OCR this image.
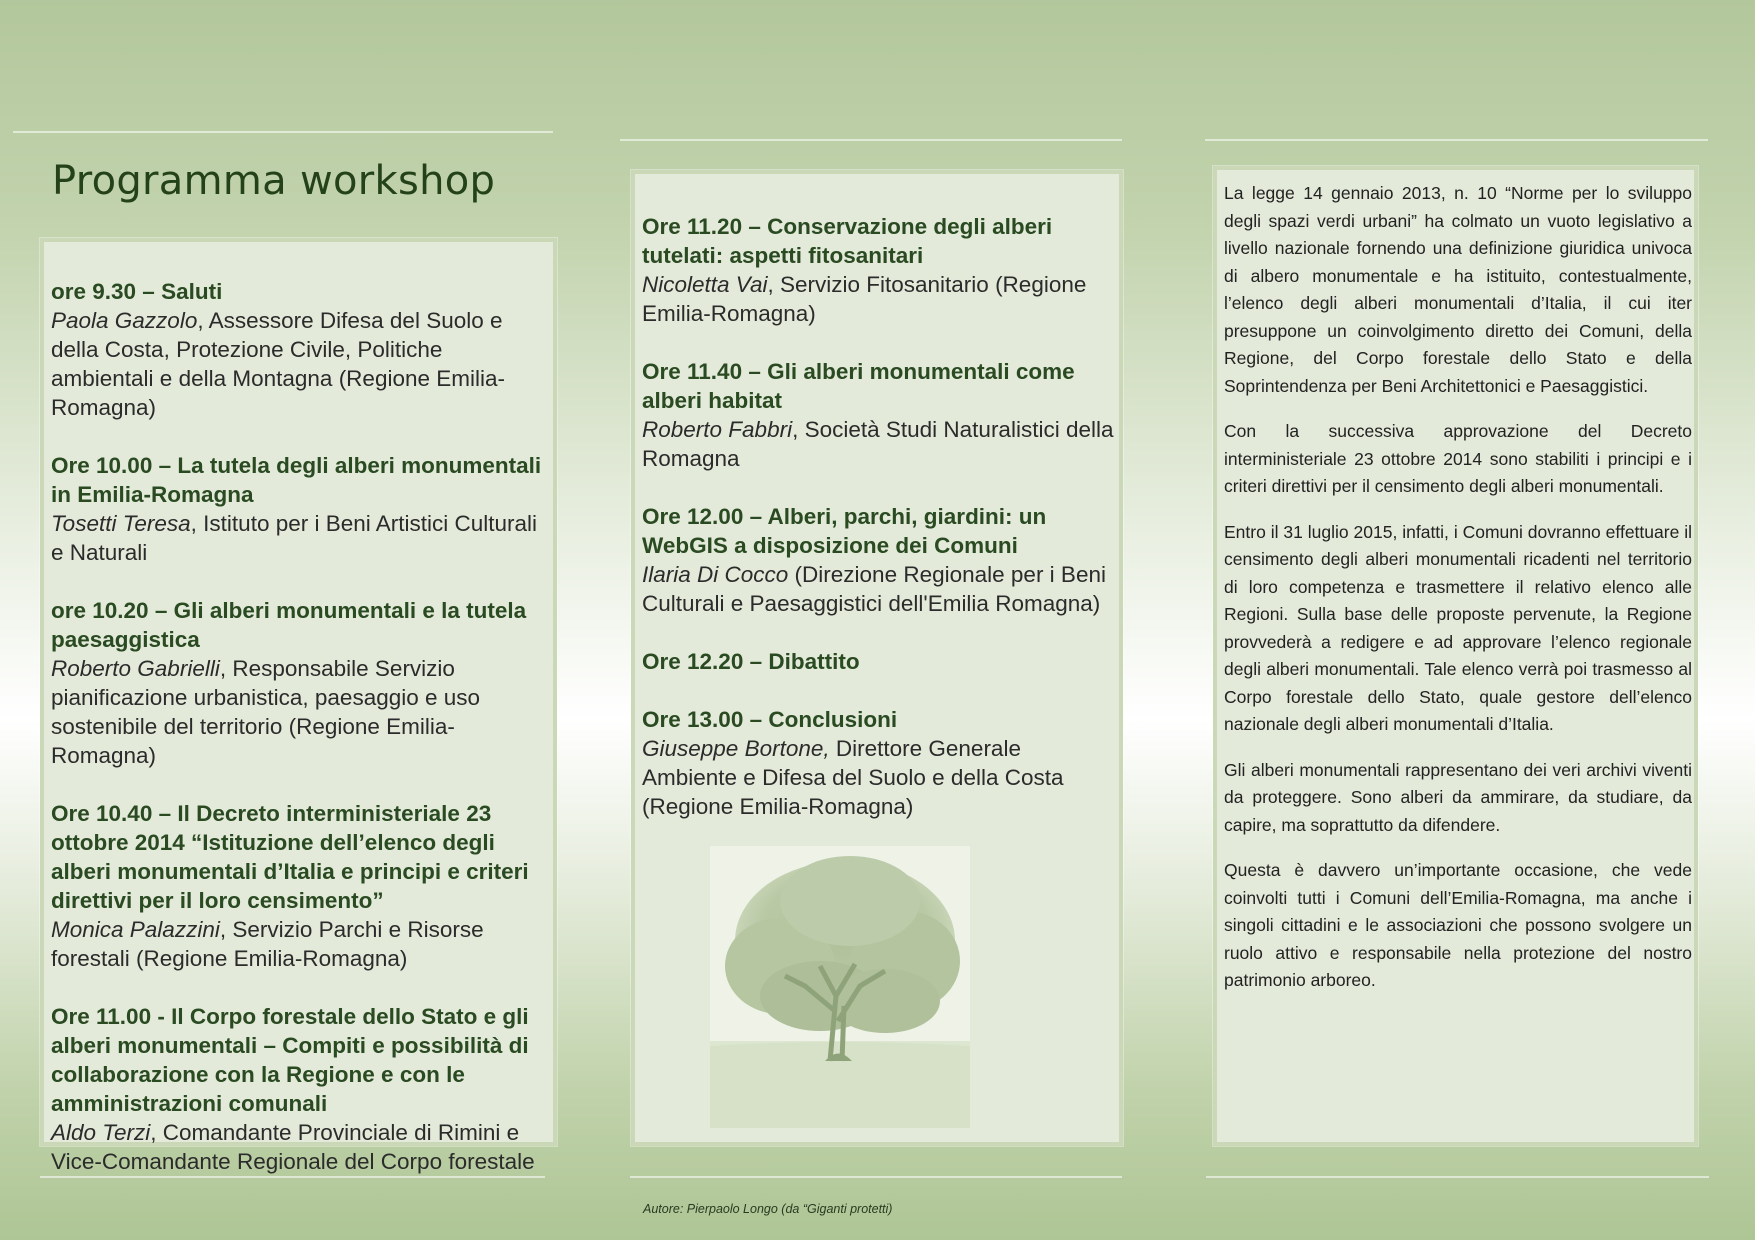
Programma workshop
ore 9.30 – Saluti
Paola Gazzolo, Assessore Difesa del Suolo e della Costa, Protezione Civile, Politiche ambientali e della Montagna (Regione Emilia-Romagna)
Ore 10.00 – La tutela degli alberi monumentali in Emilia-Romagna
Tosetti Teresa, Istituto per i Beni Artistici Culturali e Naturali
ore 10.20 – Gli alberi monumentali e la tutela paesaggistica
Roberto Gabrielli, Responsabile Servizio pianificazione urbanistica, paesaggio e uso sostenibile del territorio (Regione Emilia-Romagna)
Ore 10.40 – Il Decreto interministeriale 23 ottobre 2014 “Istituzione dell’elenco degli alberi monumentali d’Italia e principi e criteri direttivi per il loro censimento”
Monica Palazzini, Servizio Parchi e Risorse forestali (Regione Emilia-Romagna)
Ore 11.00 - Il Corpo forestale dello Stato e gli alberi monumentali – Compiti e possibilità di collaborazione con la Regione e con le amministrazioni comunali
Aldo Terzi, Comandante Provinciale di Rimini e Vice-Comandante Regionale del Corpo forestale
Ore 11.20 – Conservazione degli alberi tutelati: aspetti fitosanitari
Nicoletta Vai, Servizio Fitosanitario (Regione Emilia-Romagna)
Ore 11.40 – Gli alberi monumentali come alberi habitat
Roberto Fabbri, Società Studi Naturalistici della Romagna
Ore 12.00 – Alberi, parchi, giardini: un WebGIS a disposizione dei Comuni
Ilaria Di Cocco (Direzione Regionale per i Beni Culturali e Paesaggistici dell'Emilia Romagna)
Ore 12.20 – Dibattito
Ore 13.00 – Conclusioni
Giuseppe Bortone, Direttore Generale Ambiente e Difesa del Suolo e della Costa (Regione Emilia-Romagna)

La legge 14 gennaio 2013, n. 10 “Norme per lo sviluppo degli spazi verdi urbani” ha colmato un vuoto legislativo a livello nazionale fornendo una definizione giuridica univoca di albero monumentale e ha istituito, contestualmente, l’elenco degli alberi monumentali d’Italia, il cui iter presuppone un coinvolgimento diretto dei Comuni, della Regione, del Corpo forestale dello Stato e della Soprintendenza per Beni Architettonici e Paesaggistici.

Con la successiva approvazione del Decreto interministeriale 23 ottobre 2014 sono stabiliti i principi e i criteri direttivi per il censimento degli alberi monumentali.

Entro il 31 luglio 2015, infatti, i Comuni dovranno effettuare il censimento degli alberi monumentali ricadenti nel territorio di loro competenza e trasmettere il relativo elenco alle Regioni. Sulla base delle proposte pervenute, la Regione provvederà a redigere e ad approvare l’elenco regionale degli alberi monumentali. Tale elenco verrà poi trasmesso al Corpo forestale dello Stato, quale gestore dell’elenco nazionale degli alberi monumentali d’Italia.

Gli alberi monumentali rappresentano dei veri archivi viventi da proteggere. Sono alberi da ammirare, da studiare, da capire, ma soprattutto da difendere.

Questa è davvero un’importante occasione, che vede coinvolti tutti i Comuni dell’Emilia-Romagna, ma anche i singoli cittadini e le associazioni che possono svolgere un ruolo attivo e responsabile nella protezione del nostro patrimonio arboreo.

Autore: Pierpaolo Longo (da “Giganti protetti)
